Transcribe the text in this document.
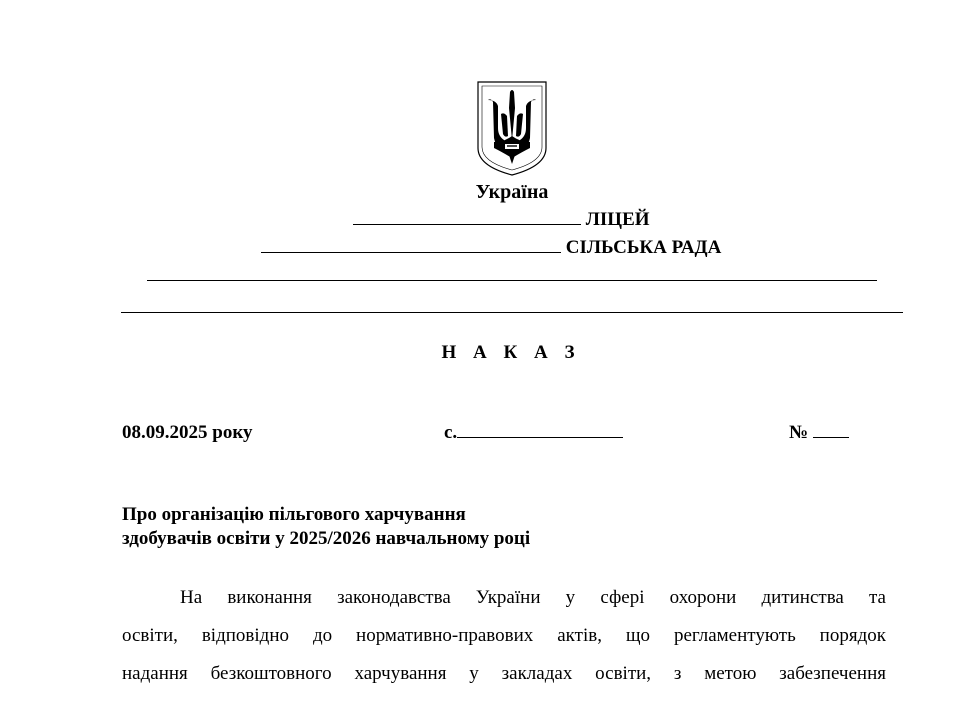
Україна
ЛІЦЕЙ
СІЛЬСЬКА РАДА
Н А К А З
08.09.2025 року	с.	№
Про організацію пільгового харчування
здобувачів освіти у 2025/2026 навчальному році
На виконання законодавства України у сфері охорони дитинства та
освіти, відповідно до нормативно-правових актів, що регламентують порядок
надання безкоштовного харчування у закладах освіти, з метою забезпечення
